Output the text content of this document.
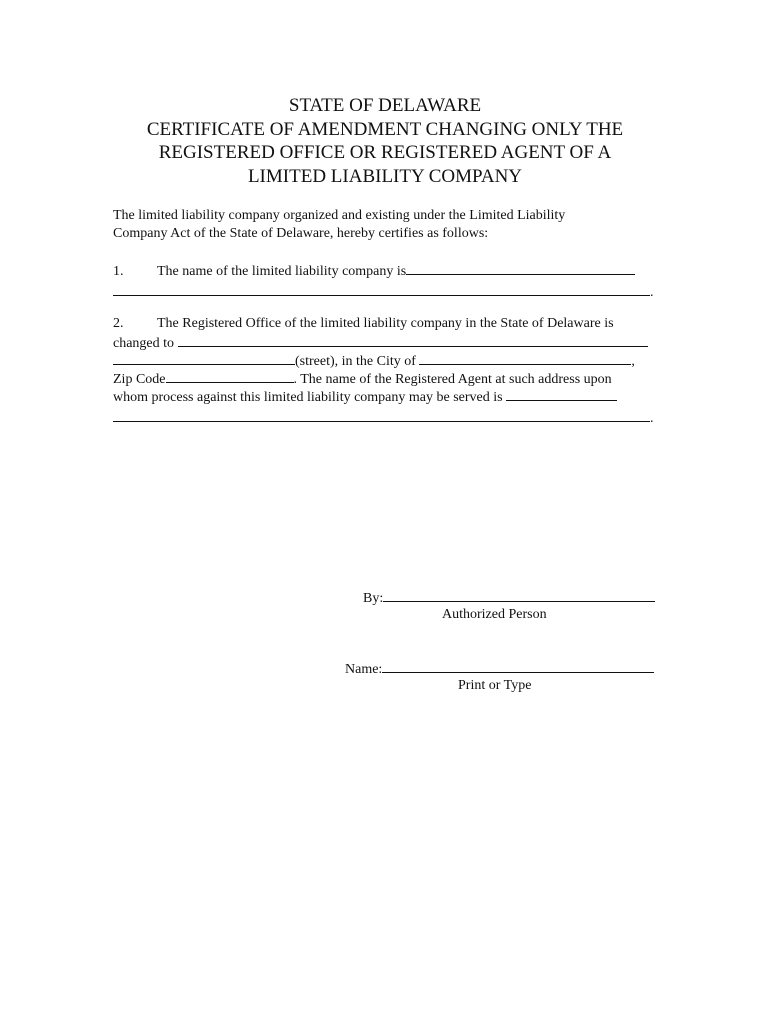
STATE OF DELAWARE
CERTIFICATE OF AMENDMENT CHANGING ONLY THE
REGISTERED OFFICE OR REGISTERED AGENT OF A
LIMITED LIABILITY COMPANY
The limited liability company organized and existing under the Limited Liability
Company Act of the State of Delaware, hereby certifies as follows:
1. The name of the limited liability company is
.
2. The Registered Office of the limited liability company in the State of Delaware is
changed to
(street), in the City of	,
Zip Code	. The name of the Registered Agent at such address upon
whom process against this limited liability company may be served is
.
By:
Authorized Person
Name:
Print or Type
